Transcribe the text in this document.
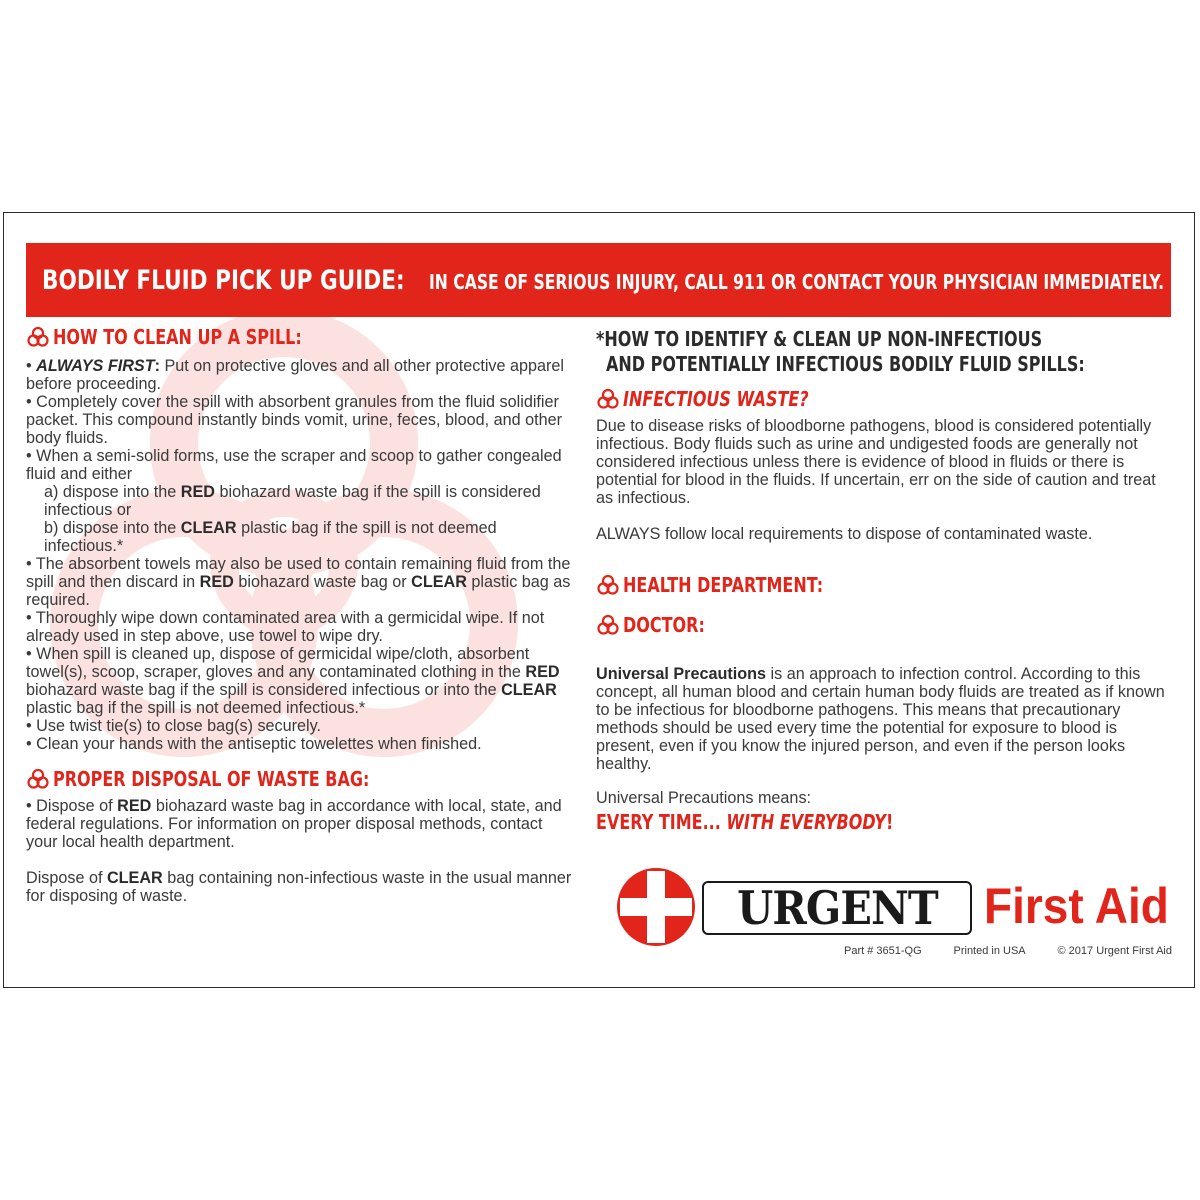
BODILY FLUID PICK UP GUIDE: IN CASE OF SERIOUS INJURY, CALL 911 OR CONTACT YOUR PHYSICIAN IMMEDIATELY.
HOW TO CLEAN UP A SPILL:

• ALWAYS FIRST: Put on protective gloves and all other protective apparel before proceeding.

• Completely cover the spill with absorbent granules from the fluid solidifier packet. This compound instantly binds vomit, urine, feces, blood, and other body fluids.

• When a semi-solid forms, use the scraper and scoop to gather congealed fluid and either

a) dispose into the RED biohazard waste bag if the spill is considered infectious or

b) dispose into the CLEAR plastic bag if the spill is not deemed infectious.*

• The absorbent towels may also be used to contain remaining fluid from the spill and then discard in RED biohazard waste bag or CLEAR plastic bag as required.

• Thoroughly wipe down contaminated area with a germicidal wipe. If not already used in step above, use towel to wipe dry.

• When spill is cleaned up, dispose of germicidal wipe/cloth, absorbent towel(s), scoop, scraper, gloves and any contaminated clothing in the RED biohazard waste bag if the spill is considered infectious or into the CLEAR plastic bag if the spill is not deemed infectious.*

• Use twist tie(s) to close bag(s) securely.

• Clean your hands with the antiseptic towelettes when finished.

PROPER DISPOSAL OF WASTE BAG:

• Dispose of RED biohazard waste bag in accordance with local, state, and federal regulations. For information on proper disposal methods, contact your local health department.

Dispose of CLEAR bag containing non-infectious waste in the usual manner for disposing of waste.

*HOW TO IDENTIFY & CLEAN UP NON-INFECTIOUS
AND POTENTIALLY INFECTIOUS BODILY FLUID SPILLS:
INFECTIOUS WASTE?

Due to disease risks of bloodborne pathogens, blood is considered potentially infectious. Body fluids such as urine and undigested foods are generally not considered infectious unless there is evidence of blood in fluids or there is potential for blood in the fluids. If uncertain, err on the side of caution and treat as infectious.

ALWAYS follow local requirements to dispose of contaminated waste.

HEALTH DEPARTMENT:
DOCTOR:

Universal Precautions is an approach to infection control. According to this concept, all human blood and certain human body fluids are treated as if known to be infectious for bloodborne pathogens. This means that precautionary methods should be used every time the potential for exposure to blood is present, even if you know the injured person, and even if the person looks healthy.

Universal Precautions means:

EVERY TIME... WITH EVERYBODY!

URGENT First Aid
Part # 3651-QG	Printed in USA	© 2017 Urgent First Aid
